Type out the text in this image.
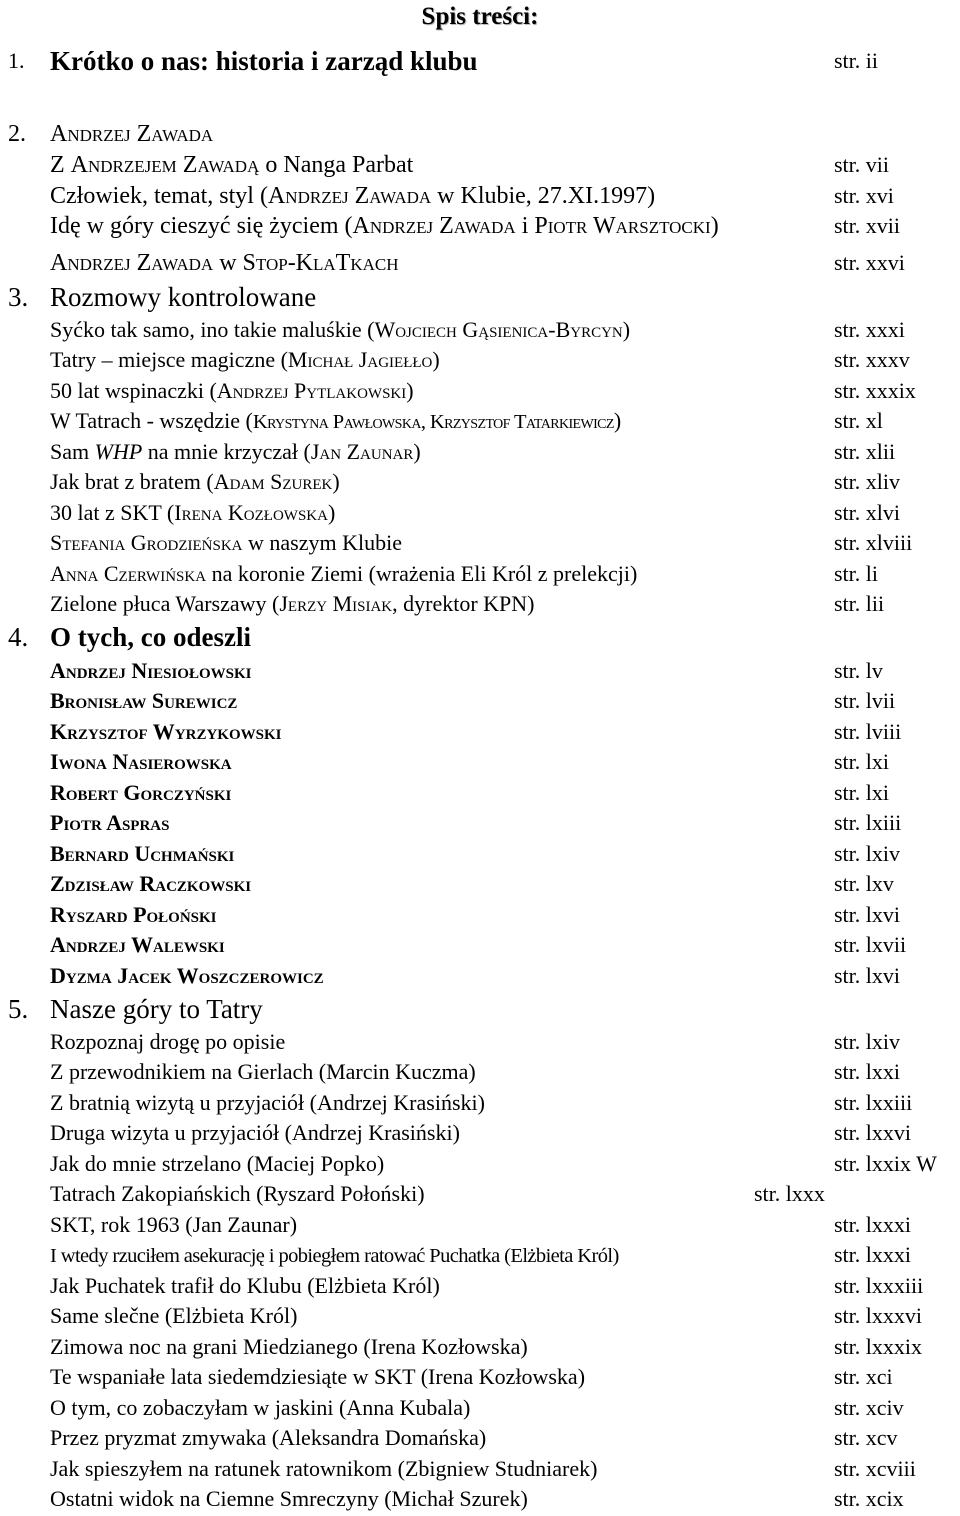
Spis treści:
1. Krótko o nas: historia i zarząd klubu	str. ii
2. Andrzej Zawada
Z Andrzejem Zawadą o Nanga Parbat	str. vii
Człowiek, temat, styl (Andrzej Zawada w Klubie, 27.XI.1997)	str. xvi
Idę w góry cieszyć się życiem (Andrzej Zawada i Piotr Warsztocki)	str. xvii
Andrzej Zawada w Stop-KlaTkach	str. xxvi
3. Rozmowy kontrolowane
Syćko tak samo, ino takie maluśkie (Wojciech Gąsienica-Byrcyn)	str. xxxi
Tatry – miejsce magiczne (Michał Jagiełło)	str. xxxv
50 lat wspinaczki (Andrzej Pytlakowski)	str. xxxix
W Tatrach - wszędzie (Krystyna Pawłowska, Krzysztof Tatarkiewicz)	str. xl
Sam WHP na mnie krzyczał (Jan Zaunar)	str. xlii
Jak brat z bratem (Adam Szurek)	str. xliv
30 lat z SKT (Irena Kozłowska)	str. xlvi
Stefania Grodzieńska w naszym Klubie	str. xlviii
Anna Czerwińska na koronie Ziemi (wrażenia Eli Król z prelekcji)	str. li
Zielone płuca Warszawy (Jerzy Misiak, dyrektor KPN)	str. lii
4. O tych, co odeszli
Andrzej Niesiołowski	str. lv
Bronisław Surewicz	str. lvii
Krzysztof Wyrzykowski	str. lviii
Iwona Nasierowska	str. lxi
Robert Gorczyński	str. lxi
Piotr Aspras	str. lxiii
Bernard Uchmański	str. lxiv
Zdzisław Raczkowski	str. lxv
Ryszard Połoński	str. lxvi
Andrzej Walewski	str. lxvii
Dyzma Jacek Woszczerowicz	str. lxvi
5. Nasze góry to Tatry
Rozpoznaj drogę po opisie	str. lxiv
Z przewodnikiem na Gierlach (Marcin Kuczma)	str. lxxi
Z bratnią wizytą u przyjaciół (Andrzej Krasiński)	str. lxxiii
Druga wizyta u przyjaciół (Andrzej Krasiński)	str. lxxvi
Jak do mnie strzelano (Maciej Popko)	str. lxxix W
Tatrach Zakopiańskich (Ryszard Połoński)	str. lxxx
SKT, rok 1963 (Jan Zaunar)	str. lxxxi
I wtedy rzuciłem asekurację i pobiegłem ratować Puchatka (Elżbieta Król)	str. lxxxi
Jak Puchatek trafił do Klubu (Elżbieta Król)	str. lxxxiii
Same slečne (Elżbieta Król)	str. lxxxvi
Zimowa noc na grani Miedzianego (Irena Kozłowska)	str. lxxxix
Te wspaniałe lata siedemdziesiąte w SKT (Irena Kozłowska)	str. xci
O tym, co zobaczyłam w jaskini (Anna Kubala)	str. xciv
Przez pryzmat zmywaka (Aleksandra Domańska)	str. xcv
Jak spieszyłem na ratunek ratownikom (Zbigniew Studniarek)	str. xcviii
Ostatni widok na Ciemne Smreczyny (Michał Szurek)	str. xcix
